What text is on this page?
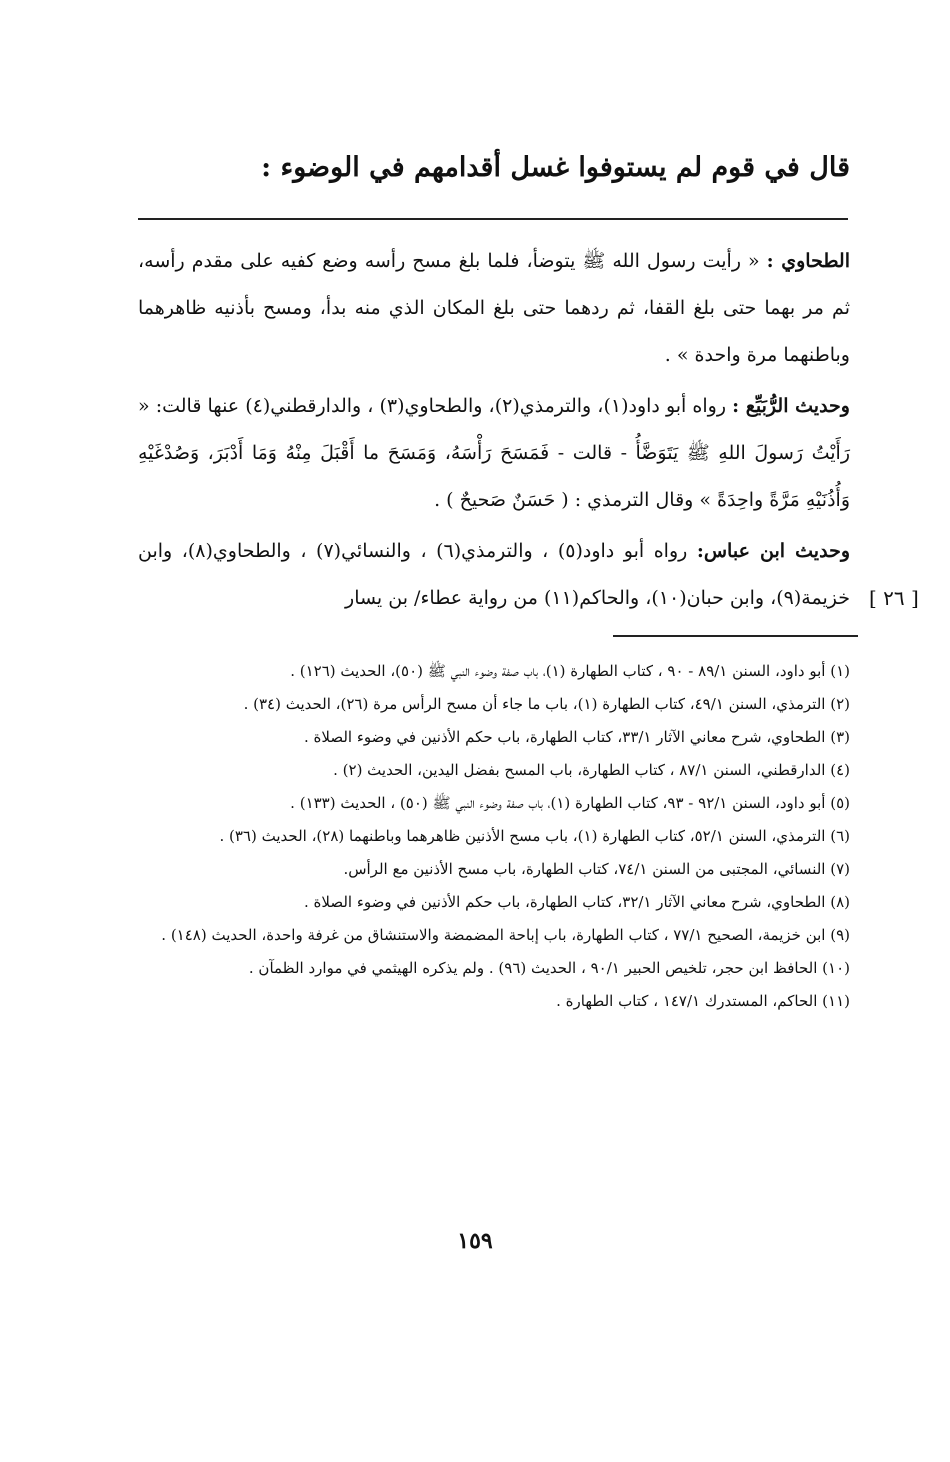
قال في قوم لم يستوفوا غسل أقدامهم في الوضوء :

الطحاوي : « رأيت رسول الله ﷺ يتوضأ، فلما بلغ مسح رأسه وضع كفيه على مقدم رأسه، ثم مر بهما حتى بلغ القفا، ثم ردهما حتى بلغ المكان الذي منه بدأ، ومسح بأذنيه ظاهرهما وباطنهما مرة واحدة » .

وحديث الرُّبَيِّع : رواه أبو داود(١)، والترمذي(٢)، والطحاوي(٣) ، والدارقطني(٤) عنها قالت: « رَأَيْتُ رَسولَ اللهِ ﷺ يَتَوَضَّأُ - قالت - فَمَسَحَ رَأْسَهُ، وَمَسَحَ ما أَقْبَلَ مِنْهُ وَمَا أَدْبَرَ، وَصُدْغَيْهِ وَأُذُنَيْهِ مَرَّةً واحِدَةً » وقال الترمذي : ( حَسَنٌ صَحيحٌ ) .

وحديث ابن عباس: رواه أبو داود(٥) ، والترمذي(٦) ، والنسائي(٧) ، والطحاوي(٨)، وابن خزيمة(٩)، وابن حبان(١٠)، والحاكم(١١) من رواية عطاء/ بن يسار [ ٢٦ ]

(١) أبو داود، السنن ٨٩/١ - ٩٠ ، كتاب الطهارة (١)، باب صفة وضوء النبي ﷺ (٥٠)، الحديث (١٢٦) .

(٢) الترمذي، السنن ٤٩/١، كتاب الطهارة (١)، باب ما جاء أن مسح الرأس مرة (٢٦)، الحديث (٣٤) .

(٣) الطحاوي، شرح معاني الآثار ٣٣/١، كتاب الطهارة، باب حكم الأذنين في وضوء الصلاة .

(٤) الدارقطني، السنن ٨٧/١ ، كتاب الطهارة، باب المسح بفضل اليدين، الحديث (٢) .

(٥) أبو داود، السنن ٩٢/١ - ٩٣، كتاب الطهارة (١)، باب صفة وضوء النبي ﷺ (٥٠) ، الحديث (١٣٣) .

(٦) الترمذي، السنن ٥٢/١، كتاب الطهارة (١)، باب مسح الأذنين ظاهرهما وباطنهما (٢٨)، الحديث (٣٦) .

(٧) النسائي، المجتبى من السنن ٧٤/١، كتاب الطهارة، باب مسح الأذنين مع الرأس.

(٨) الطحاوي، شرح معاني الآثار ٣٢/١، كتاب الطهارة، باب حكم الأذنين في وضوء الصلاة .

(٩) ابن خزيمة، الصحيح ٧٧/١ ، كتاب الطهارة، باب إباحة المضمضة والاستنشاق من غرفة واحدة، الحديث (١٤٨) .

(١٠) الحافظ ابن حجر، تلخيص الحبير ٩٠/١ ، الحديث (٩٦) . ولم يذكره الهيثمي في موارد الظمآن .

(١١) الحاكم، المستدرك ١٤٧/١ ، كتاب الطهارة .

١٥٩
